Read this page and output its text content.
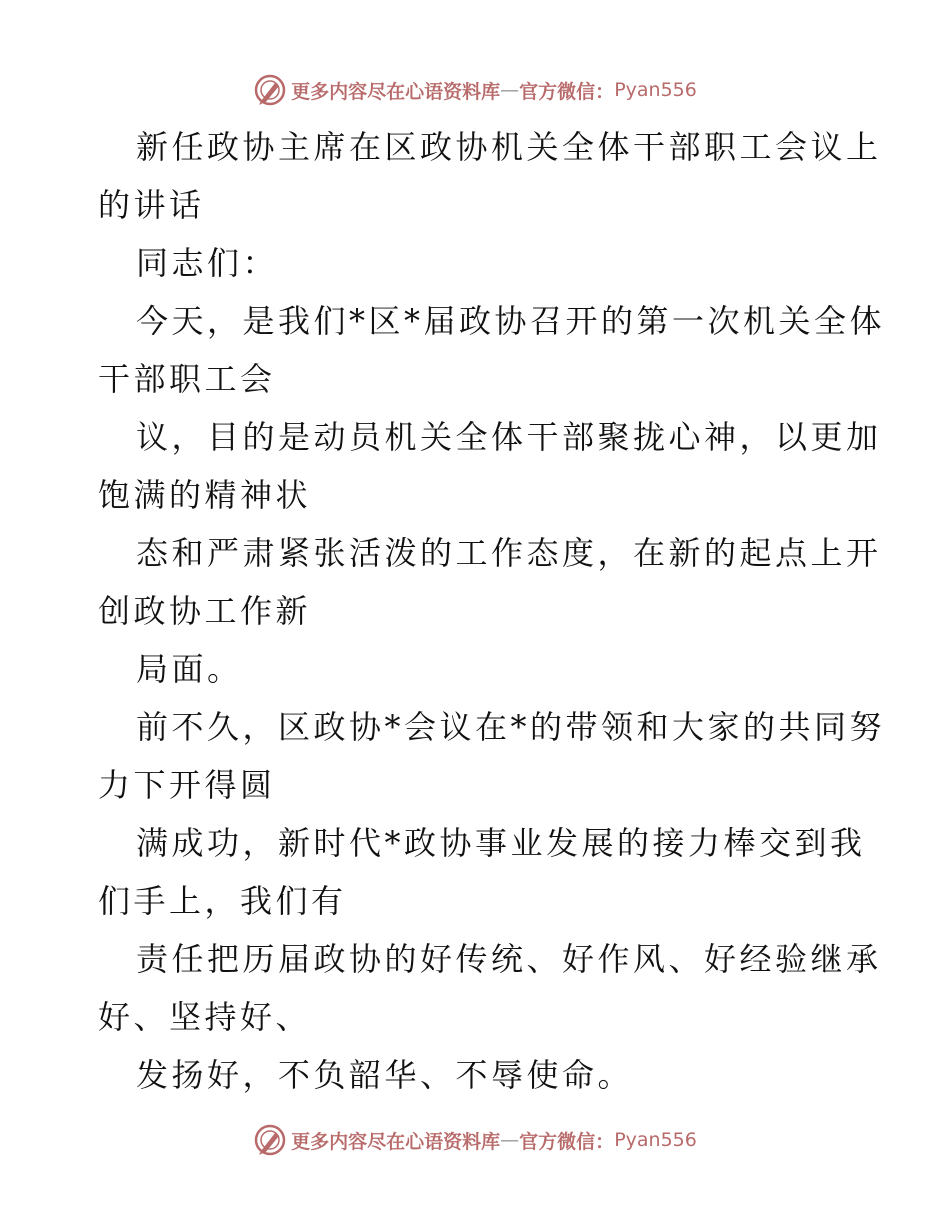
更多内容尽在心语资料库 — 官方微信： Pyan556
新任政协主席在区政协机关全体干部职工会议上
的讲话
同志们：
今天，是我们*区*届政协召开的第一次机关全体
干部职工会
议，目的是动员机关全体干部聚拢心神，以更加
饱满的精神状
态和严肃紧张活泼的工作态度，在新的起点上开
创政协工作新
局面。
前不久，区政协*会议在*的带领和大家的共同努
力下开得圆
满成功，新时代*政协事业发展的接力棒交到我
们手上，我们有
责任把历届政协的好传统、好作风、好经验继承
好、坚持好、
发扬好，不负韶华、不辱使命。
更多内容尽在心语资料库 — 官方微信： Pyan556
